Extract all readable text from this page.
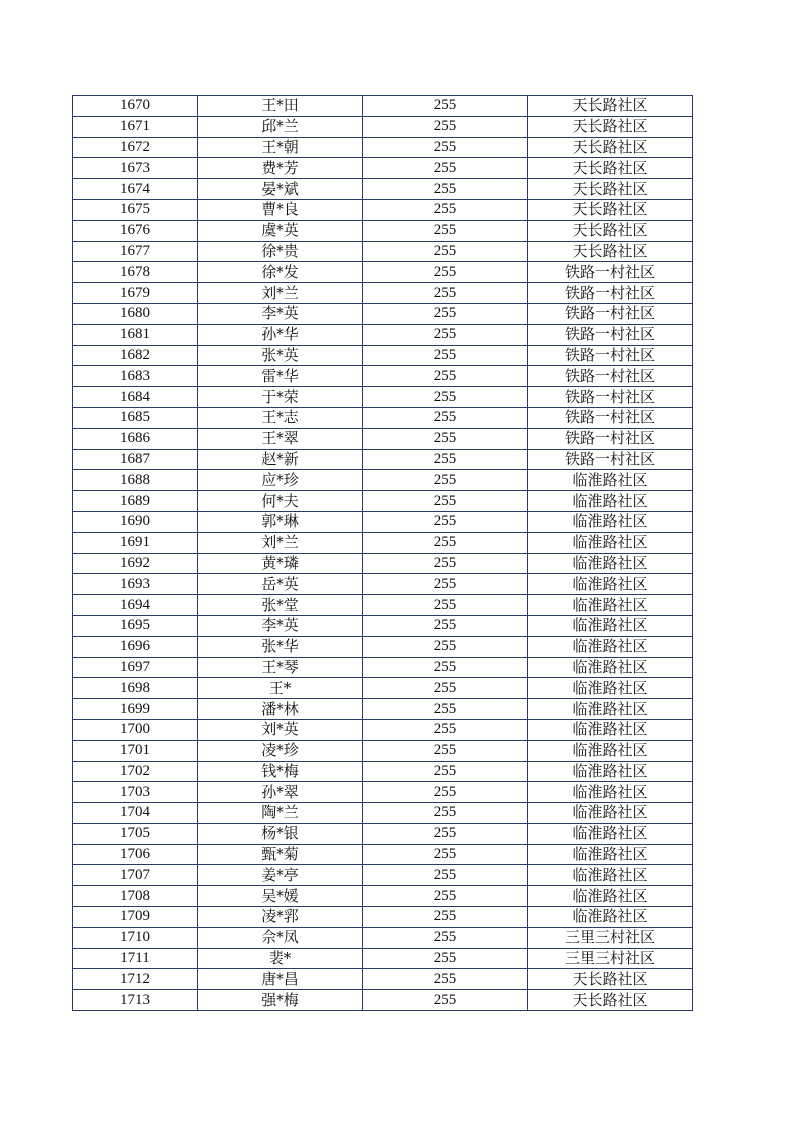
1670	王*田	255	天长路社区
1671	邱*兰	255	天长路社区
1672	王*朝	255	天长路社区
1673	费*芳	255	天长路社区
1674	晏*斌	255	天长路社区
1675	曹*良	255	天长路社区
1676	虞*英	255	天长路社区
1677	徐*贵	255	天长路社区
1678	徐*发	255	铁路一村社区
1679	刘*兰	255	铁路一村社区
1680	李*英	255	铁路一村社区
1681	孙*华	255	铁路一村社区
1682	张*英	255	铁路一村社区
1683	雷*华	255	铁路一村社区
1684	于*荣	255	铁路一村社区
1685	王*志	255	铁路一村社区
1686	王*翠	255	铁路一村社区
1687	赵*新	255	铁路一村社区
1688	应*珍	255	临淮路社区
1689	何*夫	255	临淮路社区
1690	郭*琳	255	临淮路社区
1691	刘*兰	255	临淮路社区
1692	黄*璘	255	临淮路社区
1693	岳*英	255	临淮路社区
1694	张*堂	255	临淮路社区
1695	李*英	255	临淮路社区
1696	张*华	255	临淮路社区
1697	王*琴	255	临淮路社区
1698	王*	255	临淮路社区
1699	潘*林	255	临淮路社区
1700	刘*英	255	临淮路社区
1701	凌*珍	255	临淮路社区
1702	钱*梅	255	临淮路社区
1703	孙*翠	255	临淮路社区
1704	陶*兰	255	临淮路社区
1705	杨*银	255	临淮路社区
1706	甄*菊	255	临淮路社区
1707	姜*亭	255	临淮路社区
1708	吴*媛	255	临淮路社区
1709	凌*郛	255	临淮路社区
1710	佘*凤	255	三里三村社区
1711	裴*	255	三里三村社区
1712	唐*昌	255	天长路社区
1713	强*梅	255	天长路社区
